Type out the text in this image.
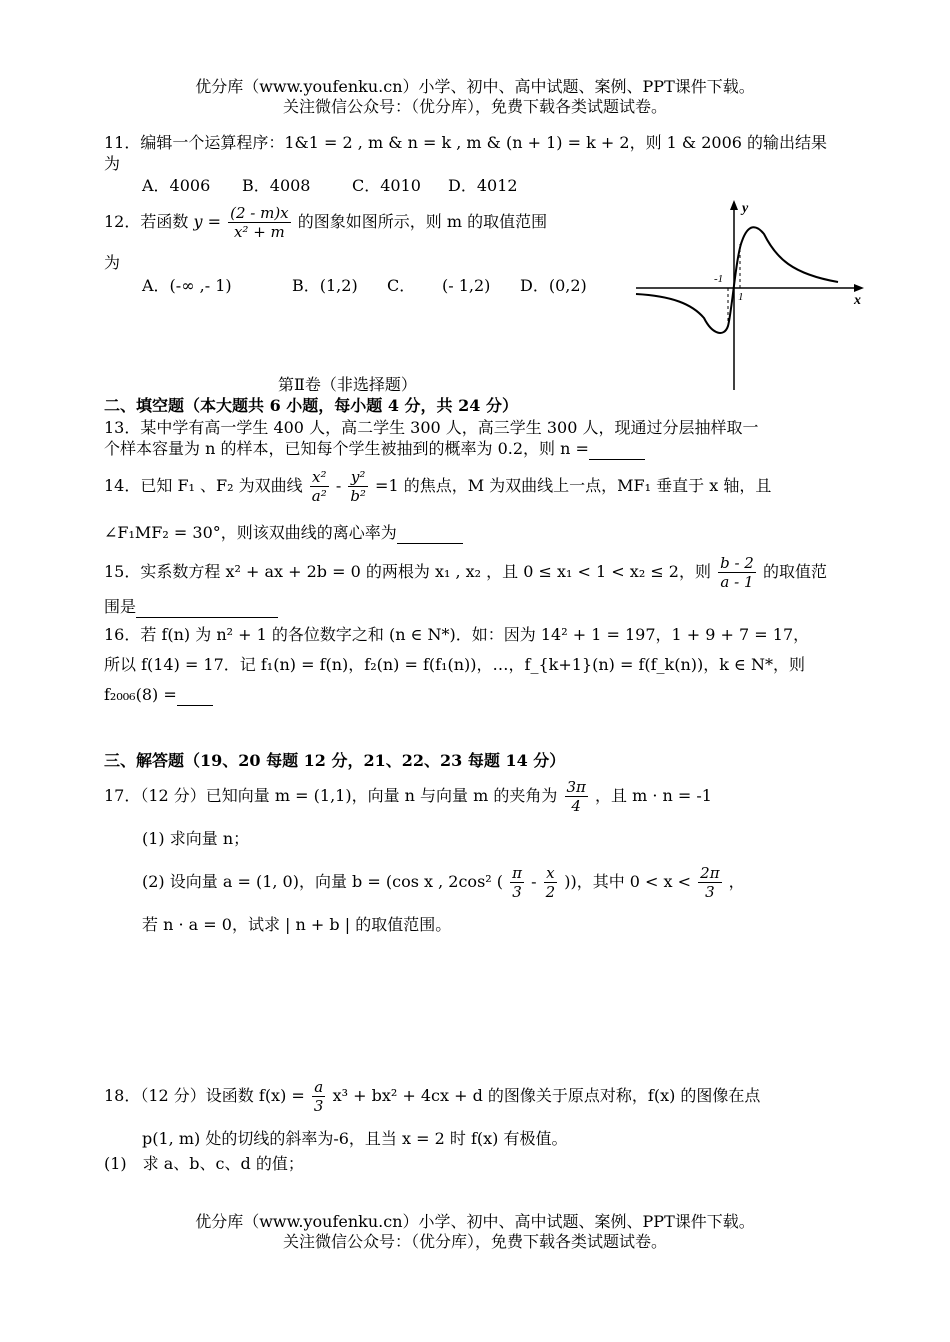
优分库（www.youfenku.cn）小学、初中、高中试题、案例、PPT课件下载。
关注微信公众号：（优分库），免费下载各类试题试卷。
11．编辑一个运算程序：1&1 = 2 , m & n = k , m & (n + 1) = k + 2，则 1 & 2006 的输出结果
为
A．4006 B．4008	C．4010 D．4012
12．若函数 $y = \frac{(2 - m)x}{\text{x² + m}}$ 的图象如图所示，则 m 的取值范围
为
A．(-∞ ,- 1)	B．(1,2) C． (- 1,2) D．(0,2)
y
x
-1
1
第Ⅱ卷（非选择题）
二、填空题（本大题共 6 小题，每小题 4 分，共 24 分）
13．某中学有高一学生 400 人，高二学生 300 人，高三学生 300 人，现通过分层抽样取一
个样本容量为 n 的样本，已知每个学生被抽到的概率为 0.2，则 n =
14．已知 F₁ 、F₂ 为双曲线 $\frac{\text{x²}}{\text{a²}} - \frac{\text{y²}}{\text{b²}} =1$ 的焦点，M 为双曲线上一点，MF₁ 垂直于 x 轴，且
∠F₁MF₂ = 30°，则该双曲线的离心率为
15．实系数方程 x² + ax + 2b = 0 的两根为 x₁ , x₂ ，且 0 ≤ x₁ < 1 < x₂ ≤ 2，则 $\frac{b - 2}{a - 1}$ 的取值范
围是
16．若 f(n) 为 n² + 1 的各位数字之和 (n ∈ N*)．如：因为 14² + 1 = 197，1 + 9 + 7 = 17，
所以 f(14) = 17．记 f₁(n) = f(n)，f₂(n) = f(f₁(n))，…，f_{k+1}(n) = f(f_k(n))，k ∈ N*，则
f₂₀₀₆(8) =
三、解答题（19、20 每题 12 分，21、22、23 每题 14 分）
17．（12 分）已知向量 m = (1,1)，向量 n 与向量 m 的夹角为 $\frac{3\pi}{4}$ ，且 m · n = -1
(1) 求向量 n；
(2) 设向量 a = (1, 0)，向量 b = (cos x , 2cos² ( $\frac{\pi}{3} - \frac{x}{2}$ ))，其中 $0 < x < \frac{2\pi}{3}$ ，
若 n · a = 0，试求 | n + b | 的取值范围。
18．（12 分）设函数 $f(x) = \frac{a}{3} x^3 + bx^2 + 4cx + d$ 的图像关于原点对称，f(x) 的图像在点
p(1, m) 处的切线的斜率为-6，且当 x = 2 时 f(x) 有极值。
(1)　求 a、b、c、d 的值；
优分库（www.youfenku.cn）小学、初中、高中试题、案例、PPT课件下载。
关注微信公众号：（优分库），免费下载各类试题试卷。
